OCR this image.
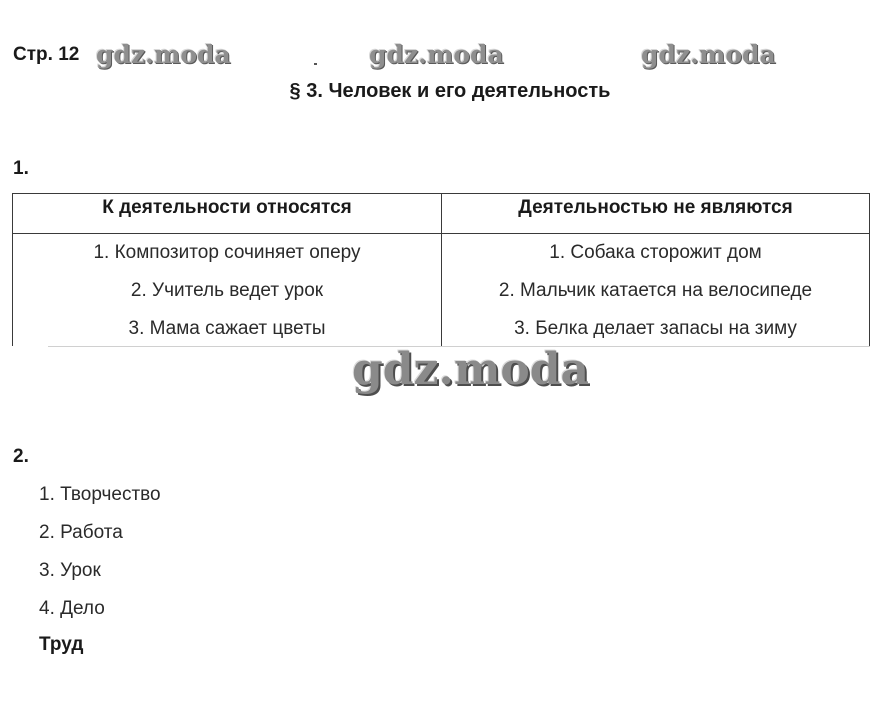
Стр. 12 gdz.moda	gdz.moda	gdz.moda
§ 3. Человек и его деятельность
1.
К деятельности относятся
1. Композитор сочиняет оперу
2. Учитель ведет урок
3. Мама сажает цветы
Деятельностью не являются
1. Собака сторожит дом
2. Мальчик катается на велосипеде
3. Белка делает запасы на зиму
gdz.moda
2.
1. Творчество
2. Работа
3. Урок
4. Дело
Труд
